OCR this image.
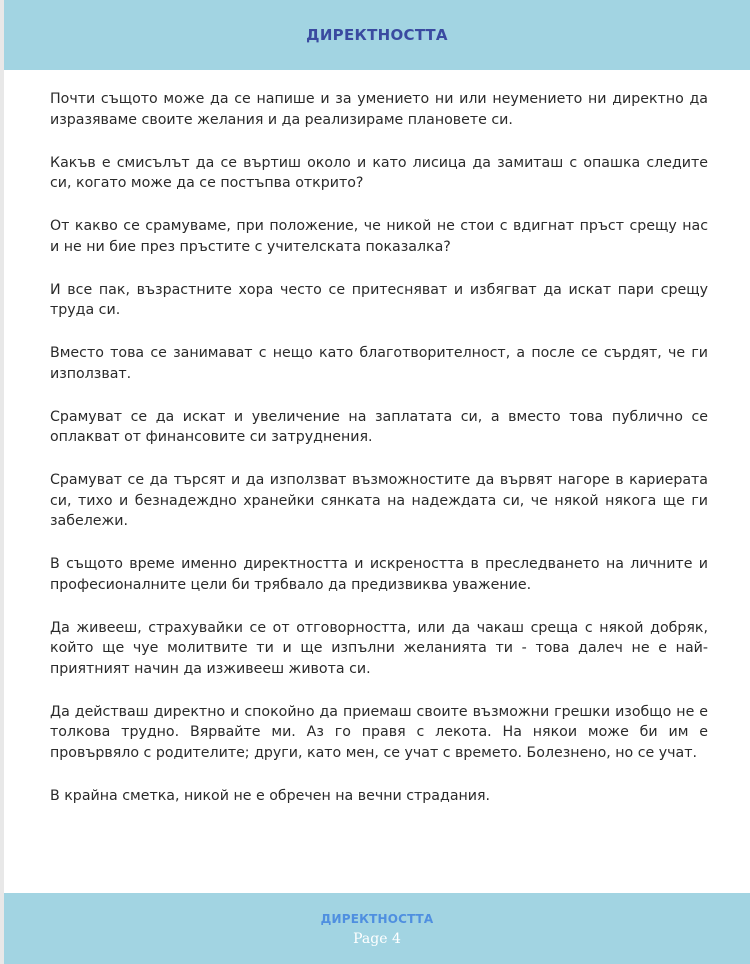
ДИРЕКТНОСТТА

Почти същото може да се напише и за умението ни или неумението ни директно да изразяваме своите желания и да реализираме плановете си.

Какъв е смисълът да се въртиш около и като лисица да замиташ с опашка следите си, когато може да се постъпва открито?

От какво се срамуваме, при положение, че никой не стои с вдигнат пръст срещу нас и не ни бие през пръстите с учителската показалка?

И все пак, възрастните хора често се притесняват и избягват да искат пари срещу труда си.

Вместо това се занимават с нещо като благотворителност, а после се сърдят, че ги използват.

Срамуват се да искат и увеличение на заплатата си, а вместо това публично се оплакват от финансовите си затруднения.

Срамуват се да търсят и да използват възможностите да вървят нагоре в кариерата си, тихо и безнадеждно хранейки сянката на надеждата си, че някой някога ще ги забележи.

В същото време именно директността и искреността в преследването на личните и професионалните цели би трябвало да предизвиква уважение.

Да живееш, страхувайки се от отговорността, или да чакаш среща с някой добряк, който ще чуе молитвите ти и ще изпълни желанията ти - това далеч не е най-приятният начин да изживееш живота си.

Да действаш директно и спокойно да приемаш своите възможни грешки изобщо не е толкова трудно. Вярвайте ми. Аз го правя с лекота. На някои може би им е провървяло с родителите; други, като мен, се учат с времето. Болезнено, но се учат.

В крайна сметка, никой не е обречен на вечни страдания.

ДИРЕКТНОСТТА
Page 4
